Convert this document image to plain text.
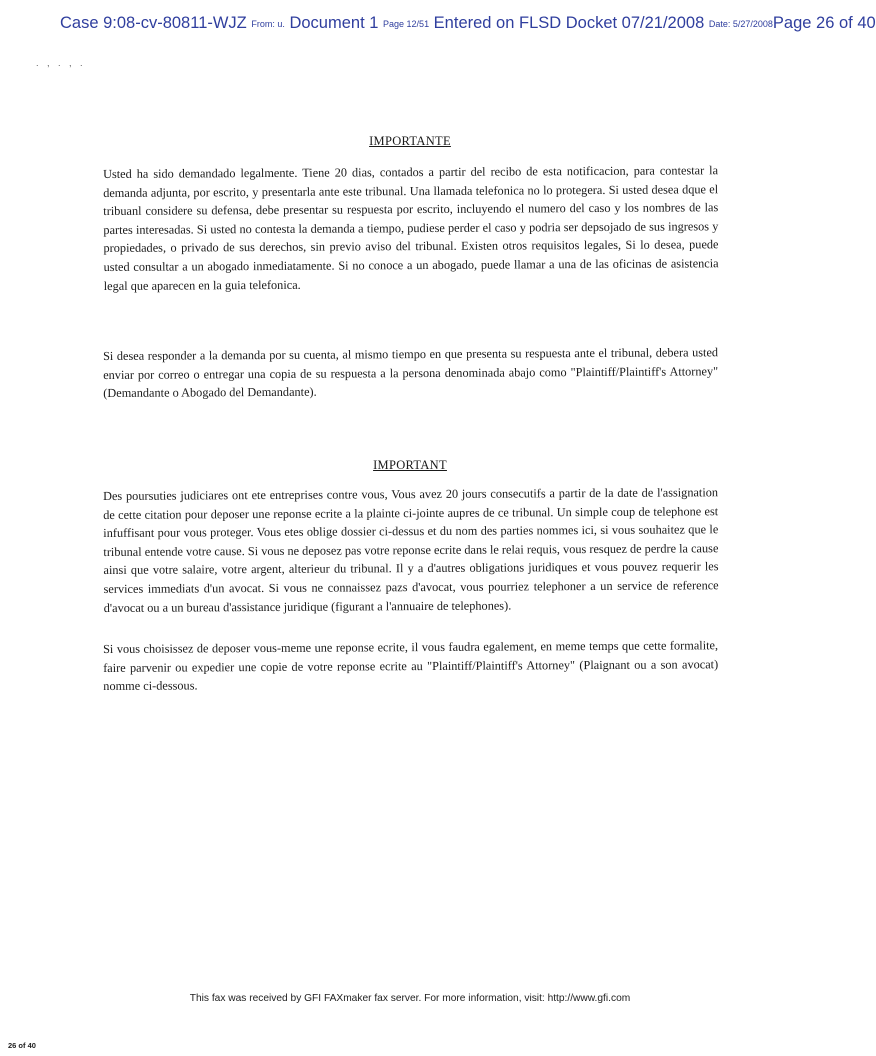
Case 9:08-cv-80811-WJZ From: u. Document 1 Page 12/51 Entered on FLSD Docket 07/21/2008 Date: 5/27/2008 Page 26 of 40
. , . , .
IMPORTANTE
Usted ha sido demandado legalmente. Tiene 20 dias, contados a partir del recibo de esta notificacion, para contestar la demanda adjunta, por escrito, y presentarla ante este tribunal. Una llamada telefonica no lo protegera. Si usted desea dque el tribuanl considere su defensa, debe presentar su respuesta por escrito, incluyendo el numero del caso y los nombres de las partes interesadas. Si usted no contesta la demanda a tiempo, pudiese perder el caso y podria ser depsojado de sus ingresos y propiedades, o privado de sus derechos, sin previo aviso del tribunal. Existen otros requisitos legales, Si lo desea, puede usted consultar a un abogado inmediatamente. Si no conoce a un abogado, puede llamar a una de las oficinas de asistencia legal que aparecen en la guia telefonica.
Si desea responder a la demanda por su cuenta, al mismo tiempo en que presenta su respuesta ante el tribunal, debera usted enviar por correo o entregar una copia de su respuesta a la persona denominada abajo como "Plaintiff/Plaintiff's Attorney" (Demandante o Abogado del Demandante).
IMPORTANT
Des poursuties judiciares ont ete entreprises contre vous, Vous avez 20 jours consecutifs a partir de la date de l'assignation de cette citation pour deposer une reponse ecrite a la plainte ci-jointe aupres de ce tribunal. Un simple coup de telephone est infuffisant pour vous proteger. Vous etes oblige dossier ci-dessus et du nom des parties nommes ici, si vous souhaitez que le tribunal entende votre cause. Si vous ne deposez pas votre reponse ecrite dans le relai requis, vous resquez de perdre la cause ainsi que votre salaire, votre argent, alterieur du tribunal. Il y a d'autres obligations juridiques et vous pouvez requerir les services immediats d'un avocat. Si vous ne connaissez pazs d'avocat, vous pourriez telephoner a un service de reference d'avocat ou a un bureau d'assistance juridique (figurant a l'annuaire de telephones).
Si vous choisissez de deposer vous-meme une reponse ecrite, il vous faudra egalement, en meme temps que cette formalite, faire parvenir ou expedier une copie de votre reponse ecrite au "Plaintiff/Plaintiff's Attorney" (Plaignant ou a son avocat) nomme ci-dessous.
This fax was received by GFI FAXmaker fax server. For more information, visit: http://www.gfi.com
26 of 40
